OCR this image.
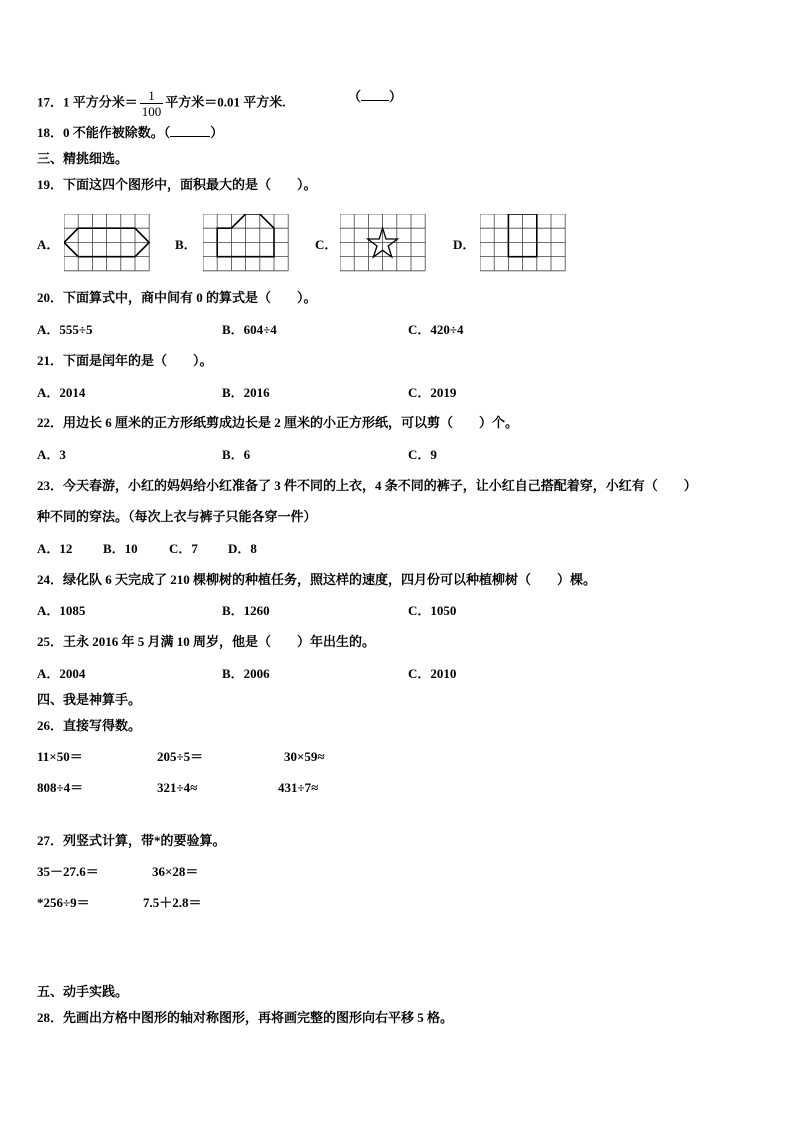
17．1 平方分米＝ $\frac{1}{100}$ 平方米＝0.01 平方米.	（ ）
18．0 不能作被除数。（	）
三、精挑细选。
19．下面这四个图形中，面积最大的是（　　）。
A．	B．	C．	D．
20．下面算式中，商中间有 0 的算式是（　　）。
A．555÷5	B．604÷4	C．420÷4
21．下面是闰年的是（　　）。
A．2014	B．2016	C．2019
22．用边长 6 厘米的正方形纸剪成边长是 2 厘米的小正方形纸，可以剪（　　）个。
A．3	B．6	C．9
23．今天春游，小红的妈妈给小红准备了 3 件不同的上衣，4 条不同的裤子，让小红自己搭配着穿，小红有（　　）
种不同的穿法。（每次上衣与裤子只能各穿一件）
A．12 B．10 C．7 D．8
24．绿化队 6 天完成了 210 棵柳树的种植任务，照这样的速度，四月份可以种植柳树（　　）棵。
A．1085	B．1260	C．1050
25．王永 2016 年 5 月满 10 周岁，他是（　　）年出生的。
A．2004	B．2006	C．2010
四、我是神算手。
26．直接写得数。
11×50＝	205÷5＝	30×59≈
808÷4＝	321÷4≈	431÷7≈
27．列竖式计算，带*的要验算。
35－27.6＝	36×28＝
*256÷9＝	7.5＋2.8＝
五、动手实践。
28．先画出方格中图形的轴对称图形，再将画完整的图形向右平移 5 格。
